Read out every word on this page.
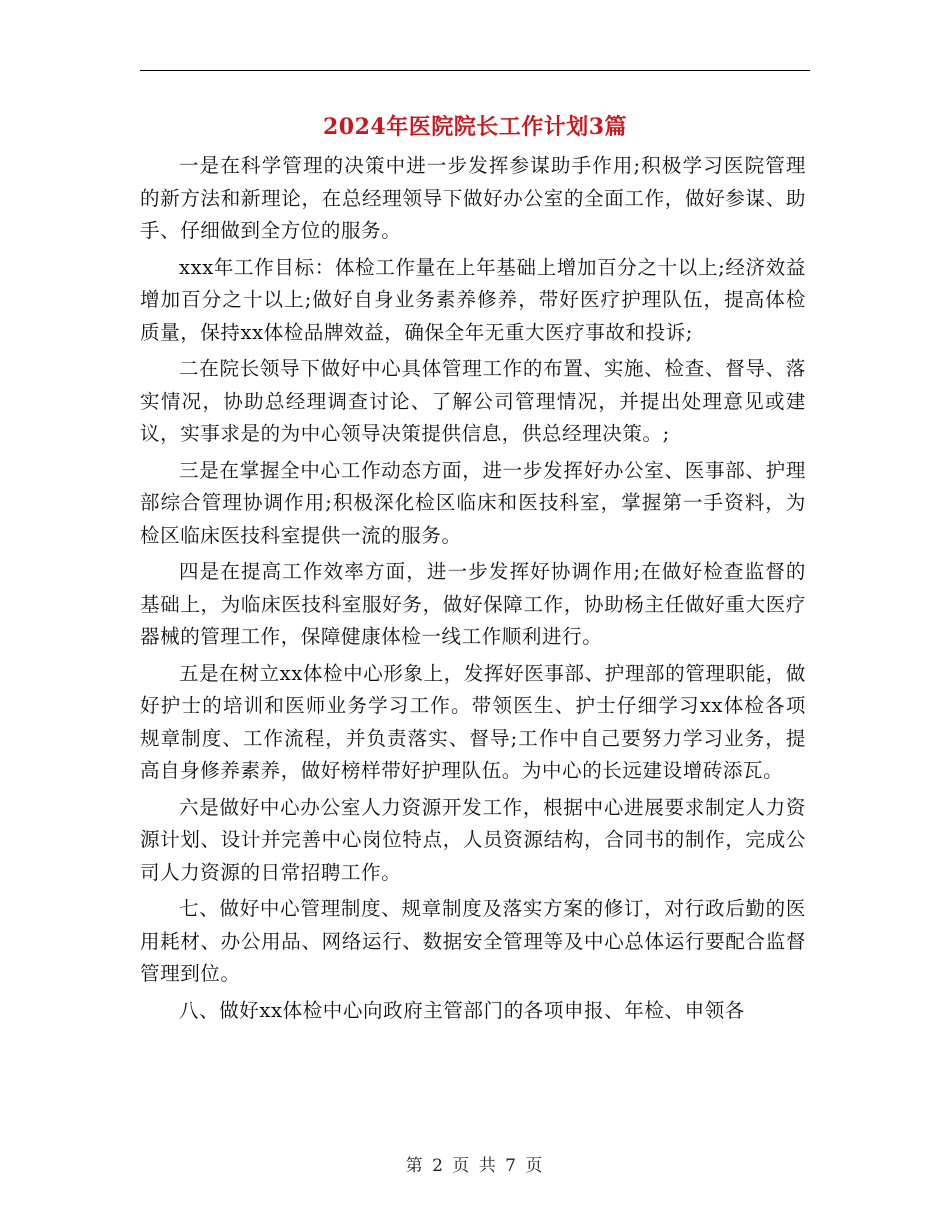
2024年医院院长工作计划3篇

一是在科学管理的决策中进一步发挥参谋助手作用;积极学习医院管理的新方法和新理论，在总经理领导下做好办公室的全面工作，做好参谋、助手、仔细做到全方位的服务。

xxx年工作目标：体检工作量在上年基础上增加百分之十以上;经济效益增加百分之十以上;做好自身业务素养修养，带好医疗护理队伍，提高体检质量，保持xx体检品牌效益，确保全年无重大医疗事故和投诉;

二在院长领导下做好中心具体管理工作的布置、实施、检查、督导、落实情况，协助总经理调查讨论、了解公司管理情况，并提出处理意见或建议，实事求是的为中心领导决策提供信息，供总经理决策。;

三是在掌握全中心工作动态方面，进一步发挥好办公室、医事部、护理部综合管理协调作用;积极深化检区临床和医技科室，掌握第一手资料，为检区临床医技科室提供一流的服务。

四是在提高工作效率方面，进一步发挥好协调作用;在做好检查监督的基础上，为临床医技科室服好务，做好保障工作，协助杨主任做好重大医疗器械的管理工作，保障健康体检一线工作顺利进行。

五是在树立xx体检中心形象上，发挥好医事部、护理部的管理职能，做好护士的培训和医师业务学习工作。带领医生、护士仔细学习xx体检各项规章制度、工作流程，并负责落实、督导;工作中自己要努力学习业务，提高自身修养素养，做好榜样带好护理队伍。为中心的长远建设增砖添瓦。

六是做好中心办公室人力资源开发工作，根据中心进展要求制定人力资源计划、设计并完善中心岗位特点，人员资源结构，合同书的制作，完成公司人力资源的日常招聘工作。

七、做好中心管理制度、规章制度及落实方案的修订，对行政后勤的医用耗材、办公用品、网络运行、数据安全管理等及中心总体运行要配合监督管理到位。

八、做好xx体检中心向政府主管部门的各项申报、年检、申领各

第 2 页 共 7 页
